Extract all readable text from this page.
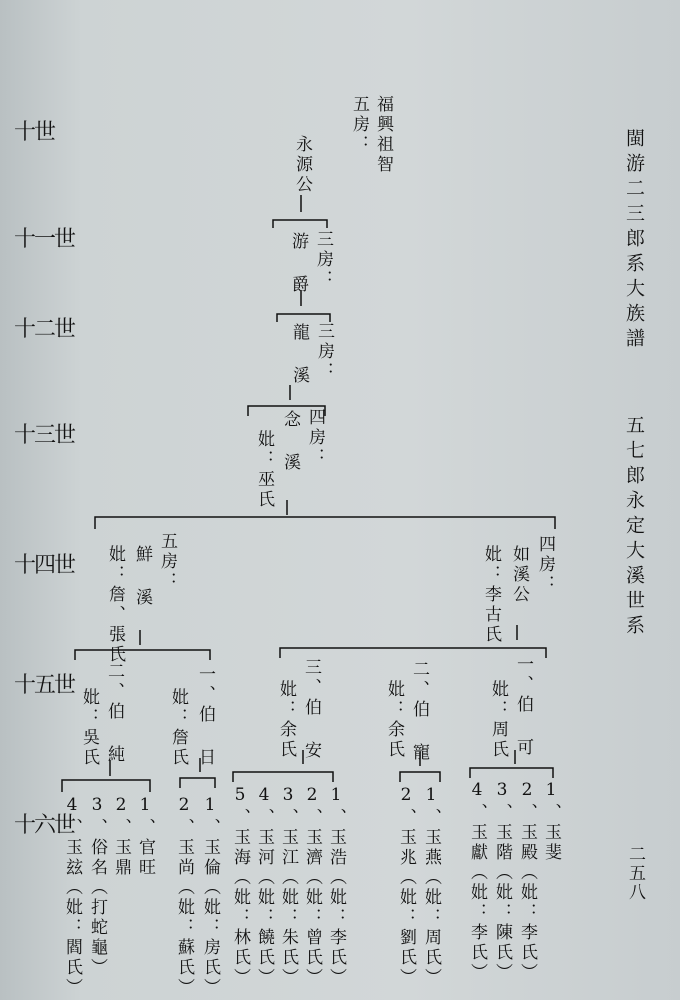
十世
十一世
十二世
十三世
十四世
十五世
十六世
閩游二三郎系大族譜
五七郎永定大溪世系
二五八
福興祖智
五房：
永源公
三房：
游 爵
三房：
龍 溪
四房：
念 溪
妣：巫氏
五房：
鮮 溪
妣：詹、張氏	四房：
如溪公
妣：李古氏
二、伯 純
妣：吳氏	一、伯 日
妣：詹氏	三、伯 安
妣：余氏	二、伯 寵
妣：余氏	一、伯 可
妣：周氏
4、玉玆（妣：閻氏） 3、俗名（打蛇龜） 2、玉鼎 1、官旺 2、玉尚（妣：蘇氏） 1、玉倫（妣：房氏） 5、玉海（妣：林氏） 4、玉河（妣：饒氏） 3、玉江（妣：朱氏） 2、玉濟（妣：曾氏） 1、玉浩（妣：李氏）	2、玉兆（妣：劉氏） 1、玉燕（妣：周氏） 4、玉獻（妣：李氏） 3、玉階（妣：陳氏） 2、玉殿（妣：李氏） 1、玉斐
